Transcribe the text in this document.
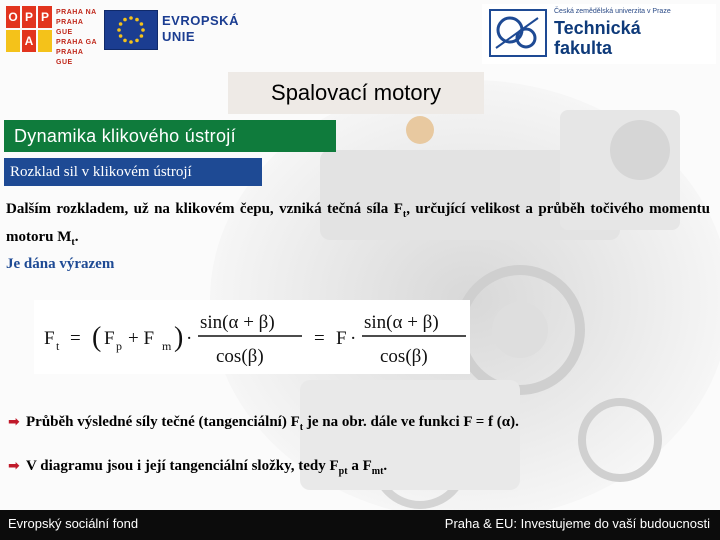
O P P
A
PRAHA NA
PRAHA GUE
PRAHA GA
PRAHA GUE
EVROPSKÁ
UNIE
Česká zemědělská univerzita v Praze
Technická
fakulta
Spalovací motory
Dynamika klikového ústrojí
Rozklad sil v klikovém ústrojí
Dalším rozkladem, už na klikovém čepu, vzniká tečná síla $F_t$, určující velikost a průběh točivého momentu motoru $M_t$.
Je dána výrazem
F t = ( F p + F m ) ·
sin(α + β)
cos(β)
= F ·
sin(α + β)
cos(β)
➡ Průběh výsledné síly tečné (tangenciální) $F_t$ je na obr. dále ve funkci F = f (α).
➡ V diagramu jsou i její tangenciální složky, tedy $F_{pt}$ a $F_{mt}$.
Evropský sociální fond	Praha & EU: Investujeme do vaší budoucnosti
